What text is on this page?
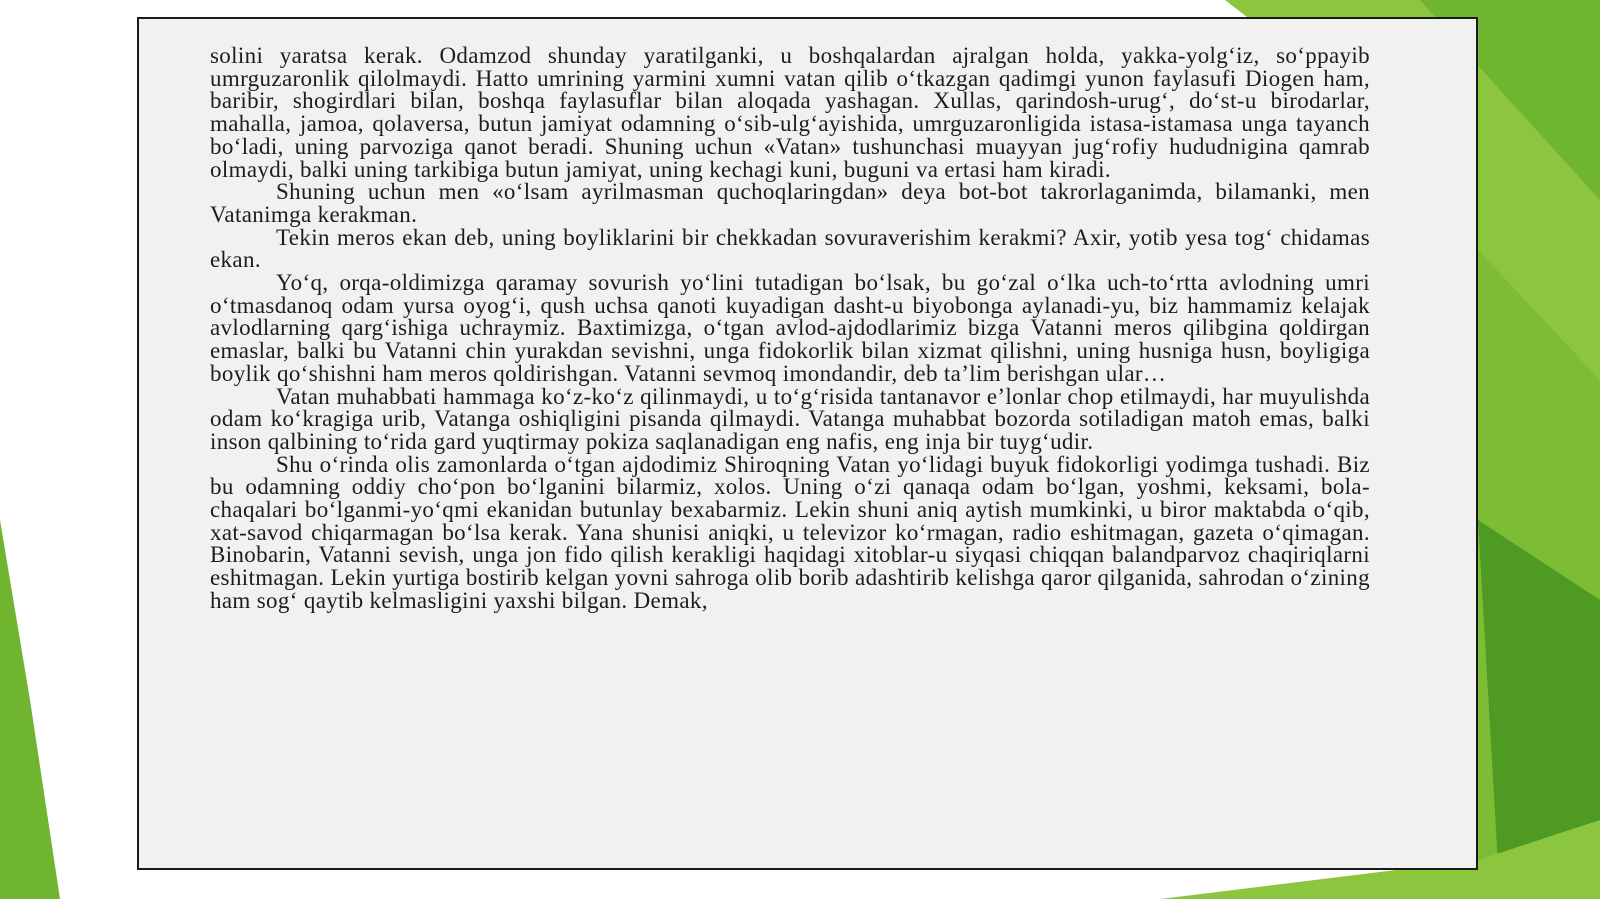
solini yaratsa kerak. Odamzod shunday yaratilganki, u boshqalardan ajralgan holda, yakka-yolg‘iz, so‘ppayib umrguzaronlik qilolmaydi. Hatto umrining yarmini xumni vatan qilib o‘tkazgan qadimgi yunon faylasufi Diogen ham, baribir, shogirdlari bilan, boshqa faylasuflar bilan aloqada yashagan. Xullas, qarindosh-urug‘, do‘st-u birodarlar, mahalla, jamoa, qolaversa, butun jamiyat odamning o‘sib-ulg‘ayishida, umrguzaronligida istasa-istamasa unga tayanch bo‘ladi, uning parvoziga qanot beradi. Shuning uchun «Vatan» tushunchasi muayyan jug‘rofiy hududnigina qamrab olmaydi, balki uning tarkibiga butun jamiyat, uning kechagi kuni, buguni va ertasi ham kiradi.

Shuning uchun men «o‘lsam ayrilmasman quchoqlaringdan» deya bot-bot takrorlaganimda, bilamanki, men Vatanimga kerakman.

Tekin meros ekan deb, uning boyliklarini bir chekkadan sovuraverishim kerakmi? Axir, yotib yesa tog‘ chidamas ekan.

Yo‘q, orqa-oldimizga qaramay sovurish yo‘lini tutadigan bo‘lsak, bu go‘zal o‘lka uch-to‘rtta avlodning umri o‘tmasdanoq odam yursa oyog‘i, qush uchsa qanoti kuyadigan dasht-u biyobonga aylanadi-yu, biz hammamiz kelajak avlodlarning qarg‘ishiga uchraymiz. Baxtimizga, o‘tgan avlod-ajdodlarimiz bizga Vatanni meros qilibgina qoldirgan emaslar, balki bu Vatanni chin yurakdan sevishni, unga fidokorlik bilan xizmat qilishni, uning husniga husn, boyligiga boylik qo‘shishni ham meros qoldirishgan. Vatanni sevmoq imondandir, deb ta’lim berishgan ular…

Vatan muhabbati hammaga ko‘z-ko‘z qilinmaydi, u to‘g‘risida tantanavor e’lonlar chop etilmaydi, har muyulishda odam ko‘kragiga urib, Vatanga oshiqligini pisanda qilmaydi. Vatanga muhabbat bozorda sotiladigan matoh emas, balki inson qalbining to‘rida gard yuqtirmay pokiza saqlanadigan eng nafis, eng inja bir tuyg‘udir.

Shu o‘rinda olis zamonlarda o‘tgan ajdodimiz Shiroqning Vatan yo‘lidagi buyuk fidokorligi yodimga tushadi. Biz bu odamning oddiy cho‘pon bo‘lganini bilarmiz, xolos. Uning o‘zi qanaqa odam bo‘lgan, yoshmi, keksami, bola-chaqalari bo‘lganmi-yo‘qmi ekanidan butunlay bexabarmiz. Lekin shuni aniq aytish mumkinki, u biror maktabda o‘qib, xat-savod chiqarmagan bo‘lsa kerak. Yana shunisi aniqki, u televizor ko‘rmagan, radio eshitmagan, gazeta o‘qimagan. Binobarin, Vatanni sevish, unga jon fido qilish kerakligi haqidagi xitoblar-u siyqasi chiqqan balandparvoz chaqiriqlarni eshitmagan. Lekin yurtiga bostirib kelgan yovni sahroga olib borib adashtirib kelishga qaror qilganida, sahrodan o‘zining ham sog‘ qaytib kelmasligini yaxshi bilgan. Demak,
